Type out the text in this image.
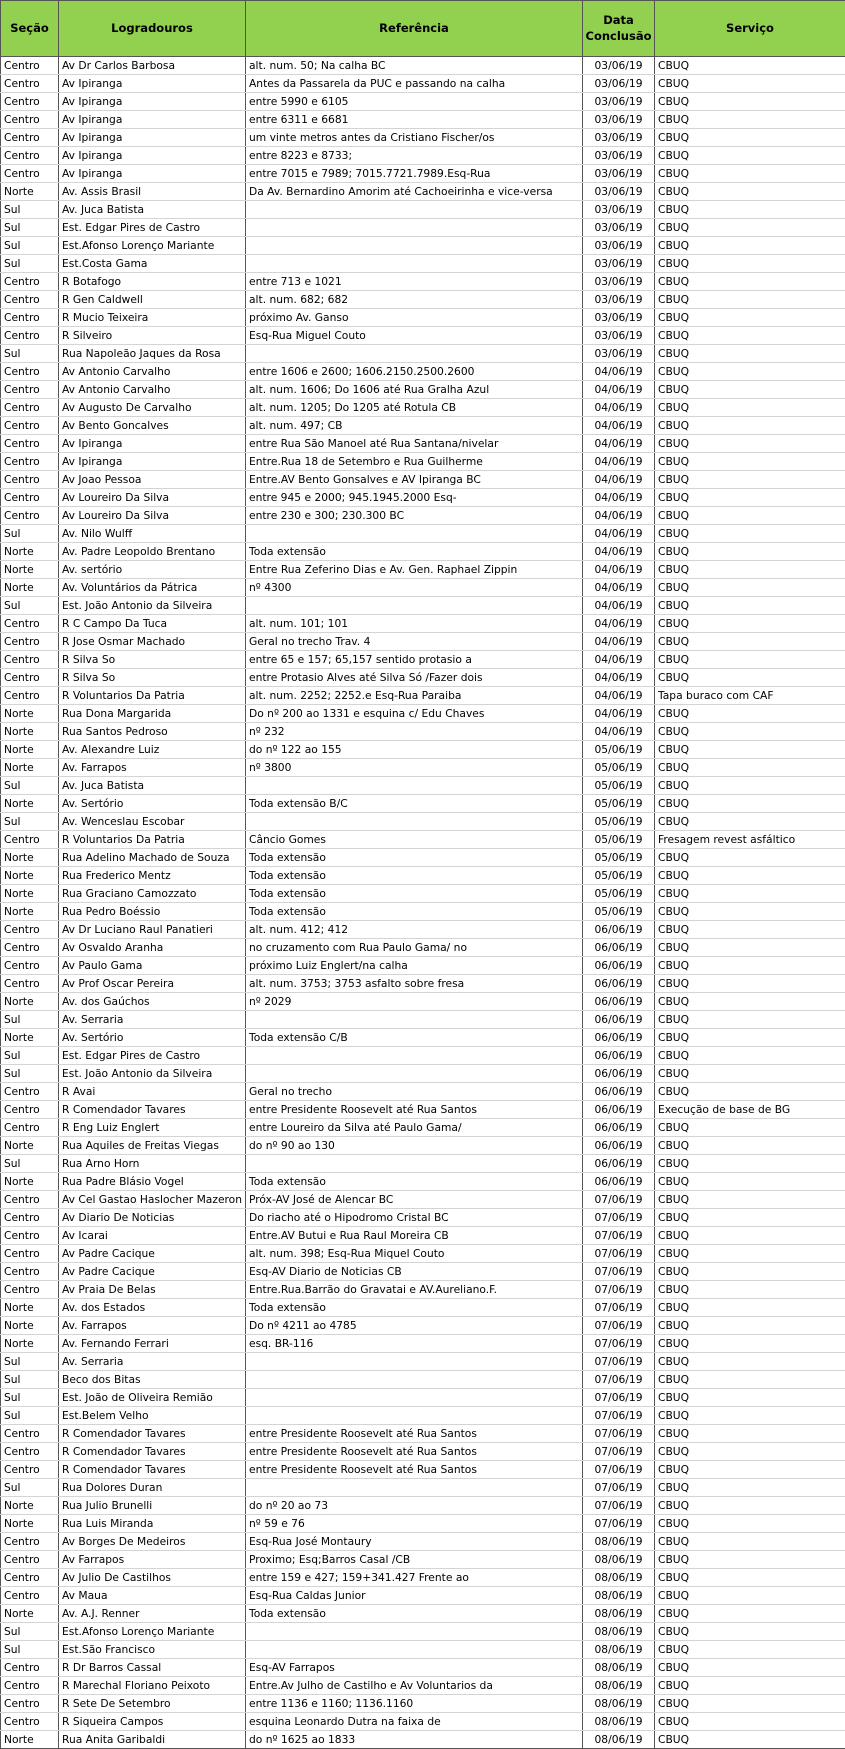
Seção	Logradouros	Referência	Data Conclusão	Serviço
Centro	Av Dr Carlos Barbosa	alt. num. 50; Na calha BC	03/06/19	CBUQ
Centro	Av Ipiranga	Antes da Passarela da PUC e passando na calha	03/06/19	CBUQ
Centro	Av Ipiranga	entre 5990 e 6105	03/06/19	CBUQ
Centro	Av Ipiranga	entre 6311 e 6681	03/06/19	CBUQ
Centro	Av Ipiranga	um vinte metros antes da Cristiano Fischer/os	03/06/19	CBUQ
Centro	Av Ipiranga	entre 8223 e 8733;	03/06/19	CBUQ
Centro	Av Ipiranga	entre 7015 e 7989; 7015.7721.7989.Esq-Rua	03/06/19	CBUQ
Norte	Av. Assis Brasil	Da Av. Bernardino Amorim até Cachoeirinha e vice-versa	03/06/19	CBUQ
Sul	Av. Juca Batista		03/06/19	CBUQ
Sul	Est. Edgar Pires de Castro		03/06/19	CBUQ
Sul	Est.Afonso Lorenço Mariante		03/06/19	CBUQ
Sul	Est.Costa Gama		03/06/19	CBUQ
Centro	R Botafogo	entre 713 e 1021	03/06/19	CBUQ
Centro	R Gen Caldwell	alt. num. 682; 682	03/06/19	CBUQ
Centro	R Mucio Teixeira	próximo Av. Ganso	03/06/19	CBUQ
Centro	R Silveiro	Esq-Rua Miguel Couto	03/06/19	CBUQ
Sul	Rua Napoleão Jaques da Rosa		03/06/19	CBUQ
Centro	Av Antonio Carvalho	entre 1606 e 2600; 1606.2150.2500.2600	04/06/19	CBUQ
Centro	Av Antonio Carvalho	alt. num. 1606; Do 1606 até Rua Gralha Azul	04/06/19	CBUQ
Centro	Av Augusto De Carvalho	alt. num. 1205; Do 1205 até Rotula CB	04/06/19	CBUQ
Centro	Av Bento Goncalves	alt. num. 497; CB	04/06/19	CBUQ
Centro	Av Ipiranga	entre Rua São Manoel até Rua Santana/nivelar	04/06/19	CBUQ
Centro	Av Ipiranga	Entre.Rua 18 de Setembro e Rua Guilherme	04/06/19	CBUQ
Centro	Av Joao Pessoa	Entre.AV Bento Gonsalves e AV Ipiranga BC	04/06/19	CBUQ
Centro	Av Loureiro Da Silva	entre 945 e 2000; 945.1945.2000 Esq-	04/06/19	CBUQ
Centro	Av Loureiro Da Silva	entre 230 e 300; 230.300 BC	04/06/19	CBUQ
Sul	Av. Nilo Wulff		04/06/19	CBUQ
Norte	Av. Padre Leopoldo Brentano	Toda extensão	04/06/19	CBUQ
Norte	Av. sertório	Entre Rua Zeferino Dias e Av. Gen. Raphael Zippin	04/06/19	CBUQ
Norte	Av. Voluntários da Pátrica	nº 4300	04/06/19	CBUQ
Sul	Est. João Antonio da Silveira		04/06/19	CBUQ
Centro	R C Campo Da Tuca	alt. num. 101; 101	04/06/19	CBUQ
Centro	R Jose Osmar Machado	Geral no trecho Trav. 4	04/06/19	CBUQ
Centro	R Silva So	entre 65 e 157; 65,157 sentido protasio a	04/06/19	CBUQ
Centro	R Silva So	entre Protasio Alves até Silva Só /Fazer dois	04/06/19	CBUQ
Centro	R Voluntarios Da Patria	alt. num. 2252; 2252.e Esq-Rua Paraiba	04/06/19	Tapa buraco com CAF
Norte	Rua Dona Margarida	Do nº 200 ao 1331 e esquina c/ Edu Chaves	04/06/19	CBUQ
Norte	Rua Santos Pedroso	nº 232	04/06/19	CBUQ
Norte	Av. Alexandre Luiz	do nº 122 ao 155	05/06/19	CBUQ
Norte	Av. Farrapos	nº 3800	05/06/19	CBUQ
Sul	Av. Juca Batista		05/06/19	CBUQ
Norte	Av. Sertório	Toda extensão B/C	05/06/19	CBUQ
Sul	Av. Wenceslau Escobar		05/06/19	CBUQ
Centro	R Voluntarios Da Patria	Câncio Gomes	05/06/19	Fresagem revest asfáltico
Norte	Rua Adelino Machado de Souza	Toda extensão	05/06/19	CBUQ
Norte	Rua Frederico Mentz	Toda extensão	05/06/19	CBUQ
Norte	Rua Graciano Camozzato	Toda extensão	05/06/19	CBUQ
Norte	Rua Pedro Boéssio	Toda extensão	05/06/19	CBUQ
Centro	Av Dr Luciano Raul Panatieri	alt. num. 412; 412	06/06/19	CBUQ
Centro	Av Osvaldo Aranha	no cruzamento com Rua Paulo Gama/ no	06/06/19	CBUQ
Centro	Av Paulo Gama	próximo Luiz Englert/na calha	06/06/19	CBUQ
Centro	Av Prof Oscar Pereira	alt. num. 3753; 3753 asfalto sobre fresa	06/06/19	CBUQ
Norte	Av. dos Gaúchos	nº 2029	06/06/19	CBUQ
Sul	Av. Serraria		06/06/19	CBUQ
Norte	Av. Sertório	Toda extensão C/B	06/06/19	CBUQ
Sul	Est. Edgar Pires de Castro		06/06/19	CBUQ
Sul	Est. João Antonio da Silveira		06/06/19	CBUQ
Centro	R Avai	Geral no trecho	06/06/19	CBUQ
Centro	R Comendador Tavares	entre Presidente Roosevelt até Rua Santos	06/06/19	Execução de base de BG
Centro	R Eng Luiz Englert	entre Loureiro da Silva até Paulo Gama/	06/06/19	CBUQ
Norte	Rua Aquiles de Freitas Viegas	do nº 90 ao 130	06/06/19	CBUQ
Sul	Rua Arno Horn		06/06/19	CBUQ
Norte	Rua Padre Blásio Vogel	Toda extensão	06/06/19	CBUQ
Centro	Av Cel Gastao Haslocher Mazeron	Próx-AV José de Alencar BC	07/06/19	CBUQ
Centro	Av Diario De Noticias	Do riacho até o Hipodromo Cristal BC	07/06/19	CBUQ
Centro	Av Icarai	Entre.AV Butui e Rua Raul Moreira CB	07/06/19	CBUQ
Centro	Av Padre Cacique	alt. num. 398; Esq-Rua Miquel Couto	07/06/19	CBUQ
Centro	Av Padre Cacique	Esq-AV Diario de Noticias CB	07/06/19	CBUQ
Centro	Av Praia De Belas	Entre.Rua.Barrão do Gravatai e AV.Aureliano.F.	07/06/19	CBUQ
Norte	Av. dos Estados	Toda extensão	07/06/19	CBUQ
Norte	Av. Farrapos	Do nº 4211 ao 4785	07/06/19	CBUQ
Norte	Av. Fernando Ferrari	esq. BR-116	07/06/19	CBUQ
Sul	Av. Serraria		07/06/19	CBUQ
Sul	Beco dos Bitas		07/06/19	CBUQ
Sul	Est. João de Oliveira Remião		07/06/19	CBUQ
Sul	Est.Belem Velho		07/06/19	CBUQ
Centro	R Comendador Tavares	entre Presidente Roosevelt até Rua Santos	07/06/19	CBUQ
Centro	R Comendador Tavares	entre Presidente Roosevelt até Rua Santos	07/06/19	CBUQ
Centro	R Comendador Tavares	entre Presidente Roosevelt até Rua Santos	07/06/19	CBUQ
Sul	Rua Dolores Duran		07/06/19	CBUQ
Norte	Rua Julio Brunelli	do nº 20 ao 73	07/06/19	CBUQ
Norte	Rua Luis Miranda	nº 59 e 76	07/06/19	CBUQ
Centro	Av Borges De Medeiros	Esq-Rua José Montaury	08/06/19	CBUQ
Centro	Av Farrapos	Proximo; Esq;Barros Casal /CB	08/06/19	CBUQ
Centro	Av Julio De Castilhos	entre 159 e 427; 159+341.427 Frente ao	08/06/19	CBUQ
Centro	Av Maua	Esq-Rua Caldas Junior	08/06/19	CBUQ
Norte	Av. A.J. Renner	Toda extensão	08/06/19	CBUQ
Sul	Est.Afonso Lorenço Mariante		08/06/19	CBUQ
Sul	Est.São Francisco		08/06/19	CBUQ
Centro	R Dr Barros Cassal	Esq-AV Farrapos	08/06/19	CBUQ
Centro	R Marechal Floriano Peixoto	Entre.Av Julho de Castilho e Av Voluntarios da	08/06/19	CBUQ
Centro	R Sete De Setembro	entre 1136 e 1160; 1136.1160	08/06/19	CBUQ
Centro	R Siqueira Campos	esquina Leonardo Dutra na faixa de	08/06/19	CBUQ
Norte	Rua Anita Garibaldi	do nº 1625 ao 1833	08/06/19	CBUQ
